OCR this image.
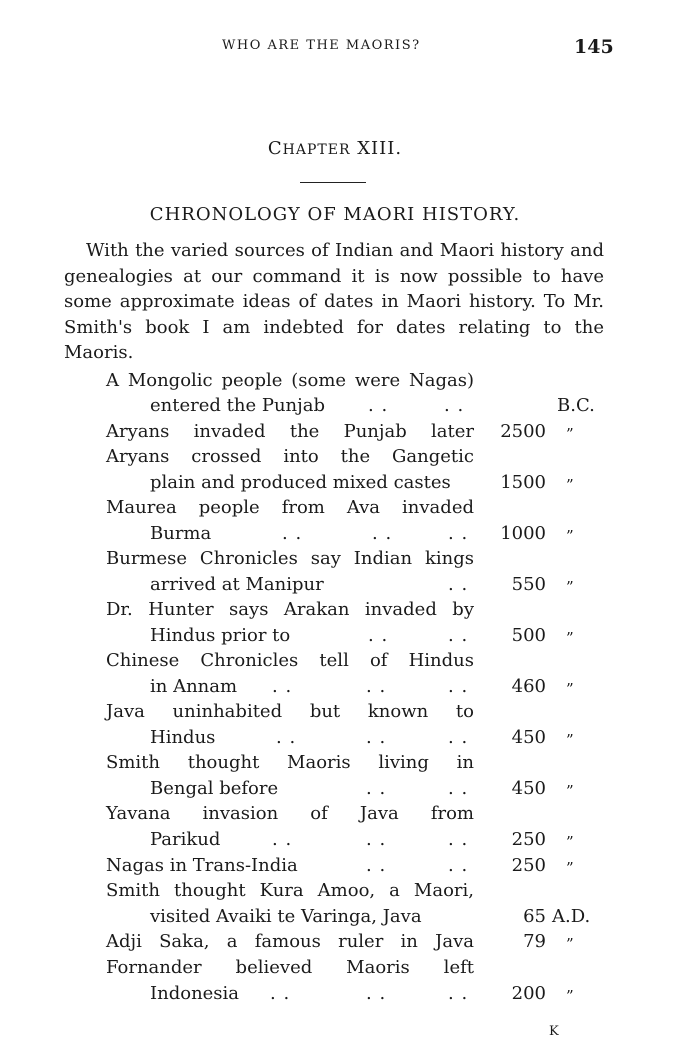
WHO ARE THE MAORIS?	145
CHAPTER XIII.
CHRONOLOGY OF MAORI HISTORY.

With the varied sources of Indian and Maori history and genealogies at our command it is now possible to have some approximate ideas of dates in Maori history. To Mr. Smith's book I am indebted for dates relating to the Maoris.

A Mongolic people (some were Nagas)
entered the Punjab	. .	. .	B.C.
Aryans invaded the Punjab later 2500 ”
Aryans crossed into the Gangetic
plain and produced mixed castes	1500 ”
Maurea people from Ava invaded
Burma	. .	. .	. . 1000 ”
Burmese Chronicles say Indian kings
arrived at Manipur	. . 550 ”
Dr. Hunter says Arakan invaded by
Hindus prior to	. .	. . 500 ”
Chinese Chronicles tell of Hindus
in Annam	. .	. .	. . 460 ”
Java uninhabited but known to
Hindus	. .	. .	. . 450 ”
Smith thought Maoris living in
Bengal before	. .	. . 450 ”
Yavana invasion of Java from
Parikud	. .	. .	. . 250 ”
Nagas in Trans-India	. .	. . 250 ”
Smith thought Kura Amoo, a Maori,
visited Avaiki te Varinga, Java	65 A.D.
Adji Saka, a famous ruler in Java	79 ”
Fornander believed Maoris left
Indonesia	. .	. .	. . 200 ”
K
